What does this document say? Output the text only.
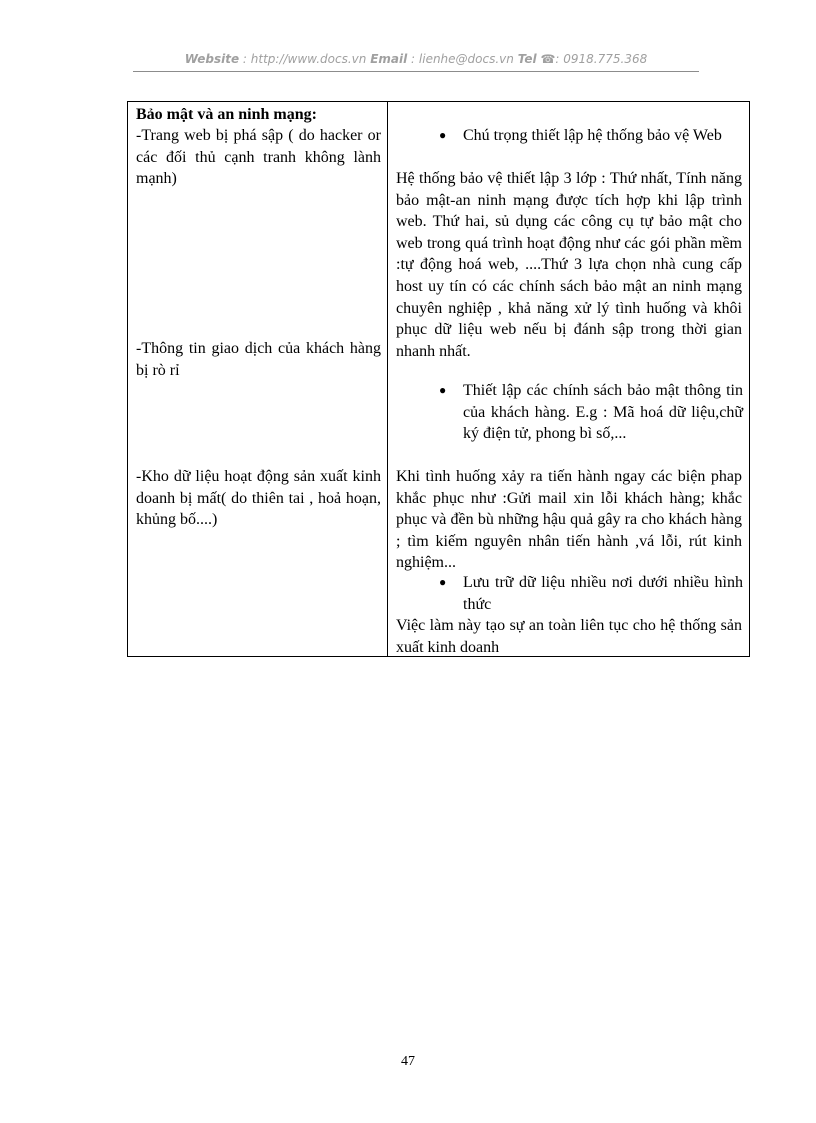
Website : http://www.docs.vn Email : lienhe@docs.vn Tel ☎: 0918.775.368
Bảo mật và an ninh mạng:
-Trang web bị phá sập ( do hacker or các đối thủ cạnh tranh không lành mạnh)
-Thông tin giao dịch của khách hàng bị rò rỉ
-Kho dữ liệu hoạt động sản xuất kinh doanh bị mất( do thiên tai , hoả hoạn, khủng bố....)
● Chú trọng thiết lập hệ thống bảo vệ Web
Hệ thống bảo vệ thiết lập 3 lớp : Thứ nhất, Tính năng bảo mật-an ninh mạng được tích hợp khi lập trình web. Thứ hai, sủ dụng các công cụ tự bảo mật cho web trong quá trình hoạt động như các gói phần mềm :tự động hoá web, ....Thứ 3 lựa chọn nhà cung cấp host uy tín có các chính sách bảo mật an ninh mạng chuyên nghiệp , khả năng xử lý tình huống và khôi phục dữ liệu web nếu bị đánh sập trong thời gian nhanh nhất.
● Thiết lập các chính sách bảo mật thông tin của khách hàng. E.g : Mã hoá dữ liệu,chữ ký điện tử, phong bì số,...
Khi tình huống xảy ra tiến hành ngay các biện phap khắc phục như :Gửi mail xin lỗi khách hàng; khắc phục và đền bù những hậu quả gây ra cho khách hàng ; tìm kiếm nguyên nhân tiến hành ,vá lỗi, rút kinh nghiệm...
● Lưu trữ dữ liệu nhiều nơi dưới nhiều hình thức
Việc làm này tạo sự an toàn liên tục cho hệ thống sản xuất kinh doanh
47
